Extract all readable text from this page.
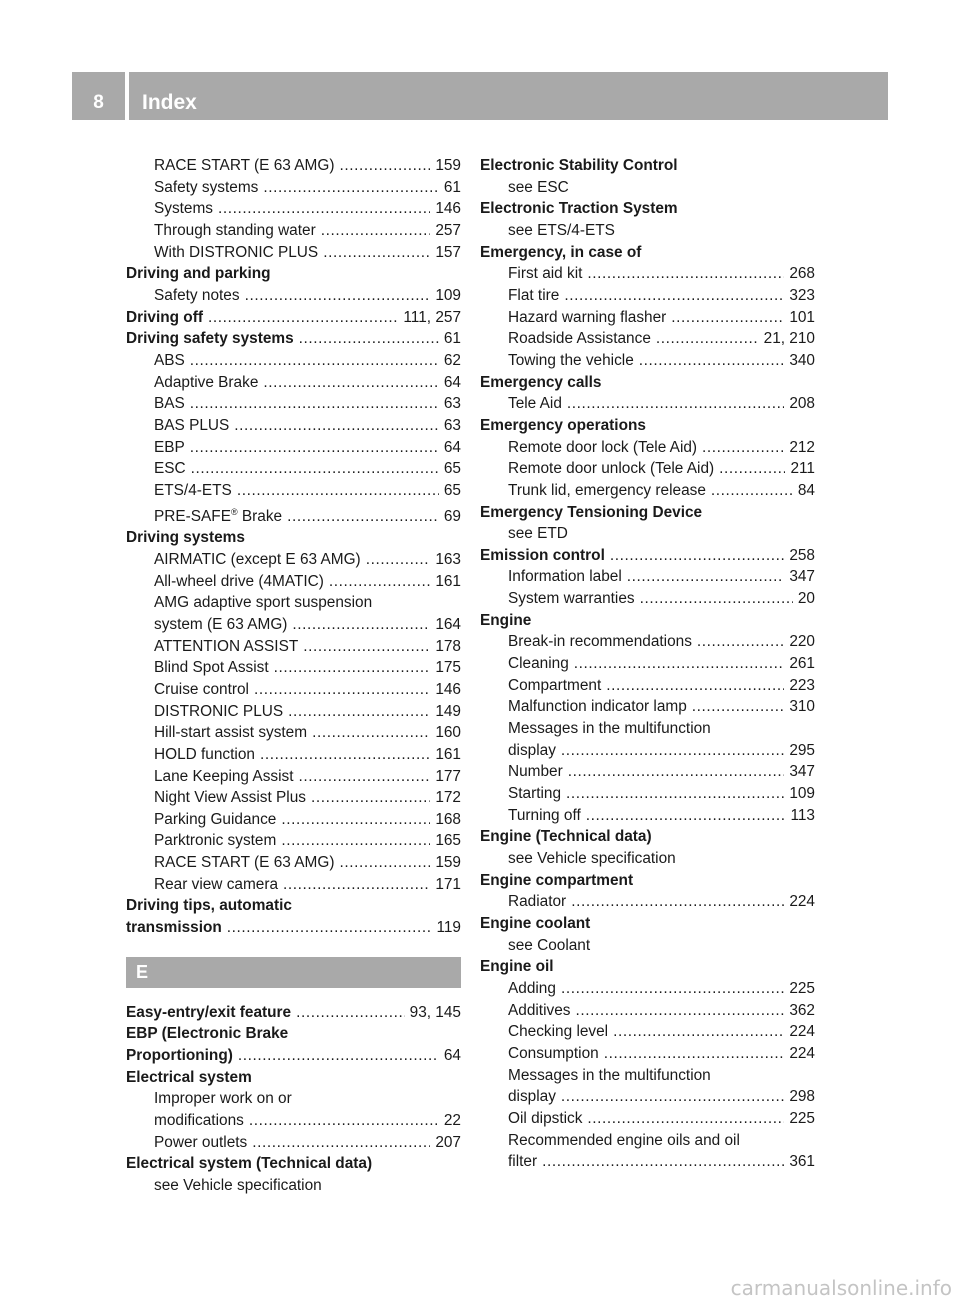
8	Index
RACE START (E 63 AMG) .....	159
Safety systems .....	61
Systems .....	146
Through standing water .....	257
With DISTRONIC PLUS .....	157
Driving and parking
Safety notes .....	109
Driving off .....	111, 257
Driving safety systems .....	61
ABS .....	62
Adaptive Brake .....	64
BAS .....	63
BAS PLUS .....	63
EBP .....	64
ESC .....	65
ETS/4-ETS .....	65
PRE-SAFE® Brake .....	69
Driving systems
AIRMATIC (except E 63 AMG) .....	163
All-wheel drive (4MATIC) .....	161
AMG adaptive sport suspension
system (E 63 AMG) .....	164
ATTENTION ASSIST .....	178
Blind Spot Assist .....	175
Cruise control .....	146
DISTRONIC PLUS .....	149
Hill-start assist system .....	160
HOLD function .....	161
Lane Keeping Assist .....	177
Night View Assist Plus .....	172
Parking Guidance .....	168
Parktronic system .....	165
RACE START (E 63 AMG) .....	159
Rear view camera .....	171
Driving tips, automatic
transmission .....	119
E
Easy-entry/exit feature .....	93, 145
EBP (Electronic Brake
Proportioning) .....	64
Electrical system
Improper work on or
modifications .....	22
Power outlets .....	207
Electrical system (Technical data)
see Vehicle specification
Electronic Stability Control
see ESC
Electronic Traction System
see ETS/4-ETS
Emergency, in case of
First aid kit .....	268
Flat tire .....	323
Hazard warning flasher .....	101
Roadside Assistance .....	21, 210
Towing the vehicle .....	340
Emergency calls
Tele Aid .....	208
Emergency operations
Remote door lock (Tele Aid) .....	212
Remote door unlock (Tele Aid) .....	211
Trunk lid, emergency release .....	84
Emergency Tensioning Device
see ETD
Emission control .....	258
Information label .....	347
System warranties .....	20
Engine
Break-in recommendations .....	220
Cleaning .....	261
Compartment .....	223
Malfunction indicator lamp .....	310
Messages in the multifunction
display .....	295
Number .....	347
Starting .....	109
Turning off .....	113
Engine (Technical data)
see Vehicle specification
Engine compartment
Radiator .....	224
Engine coolant
see Coolant
Engine oil
Adding .....	225
Additives .....	362
Checking level .....	224
Consumption .....	224
Messages in the multifunction
display .....	298
Oil dipstick .....	225
Recommended engine oils and oil
filter .....	361
carmanualsonline.info
